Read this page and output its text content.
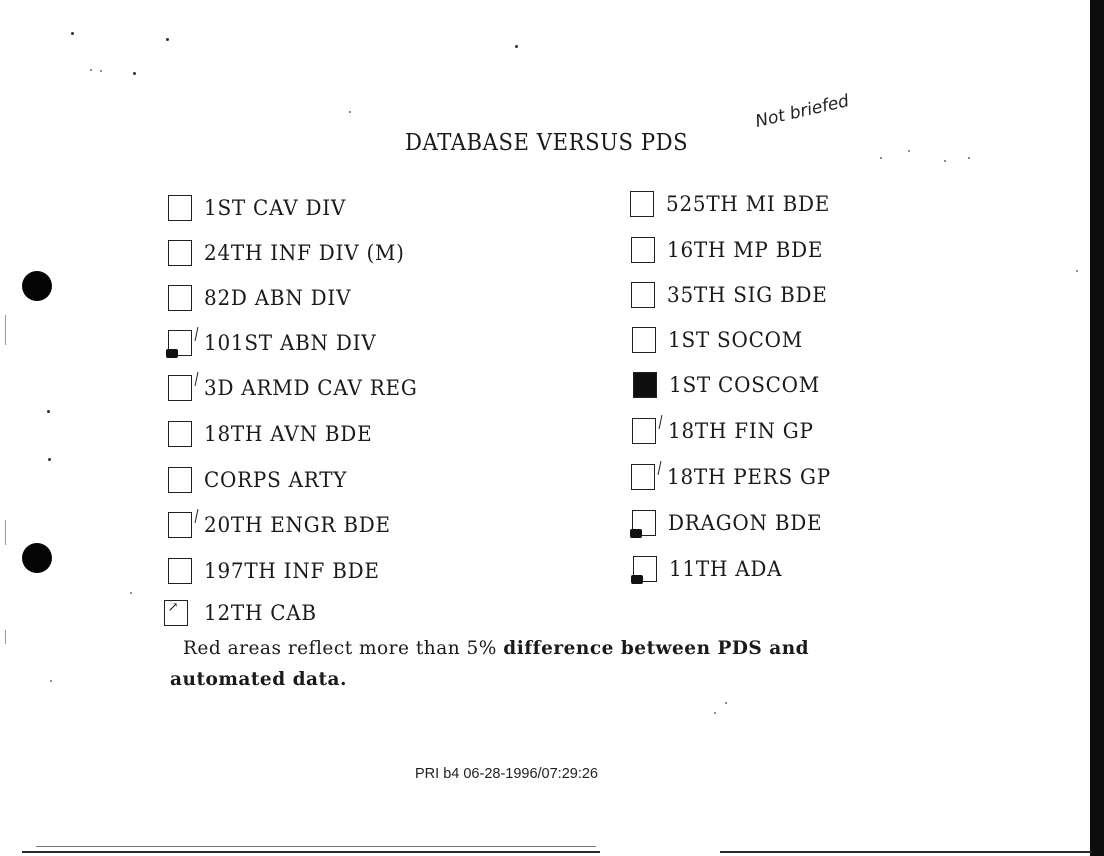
DATABASE VERSUS PDS
Not briefed
1ST CAV DIV
24TH INF DIV (M)
82D ABN DIV
101ST ABN DIV
3D ARMD CAV REG
18TH AVN BDE
CORPS ARTY
20TH ENGR BDE
197TH INF BDE
→
12TH CAB
525TH MI BDE
16TH MP BDE
35TH SIG BDE
1ST SOCOM
1ST COSCOM
18TH FIN GP
18TH PERS GP
DRAGON BDE
11TH ADA
Red areas reflect more than 5% difference between PDS and
automated data.
PRI b4 06-28-1996/07:29:26
